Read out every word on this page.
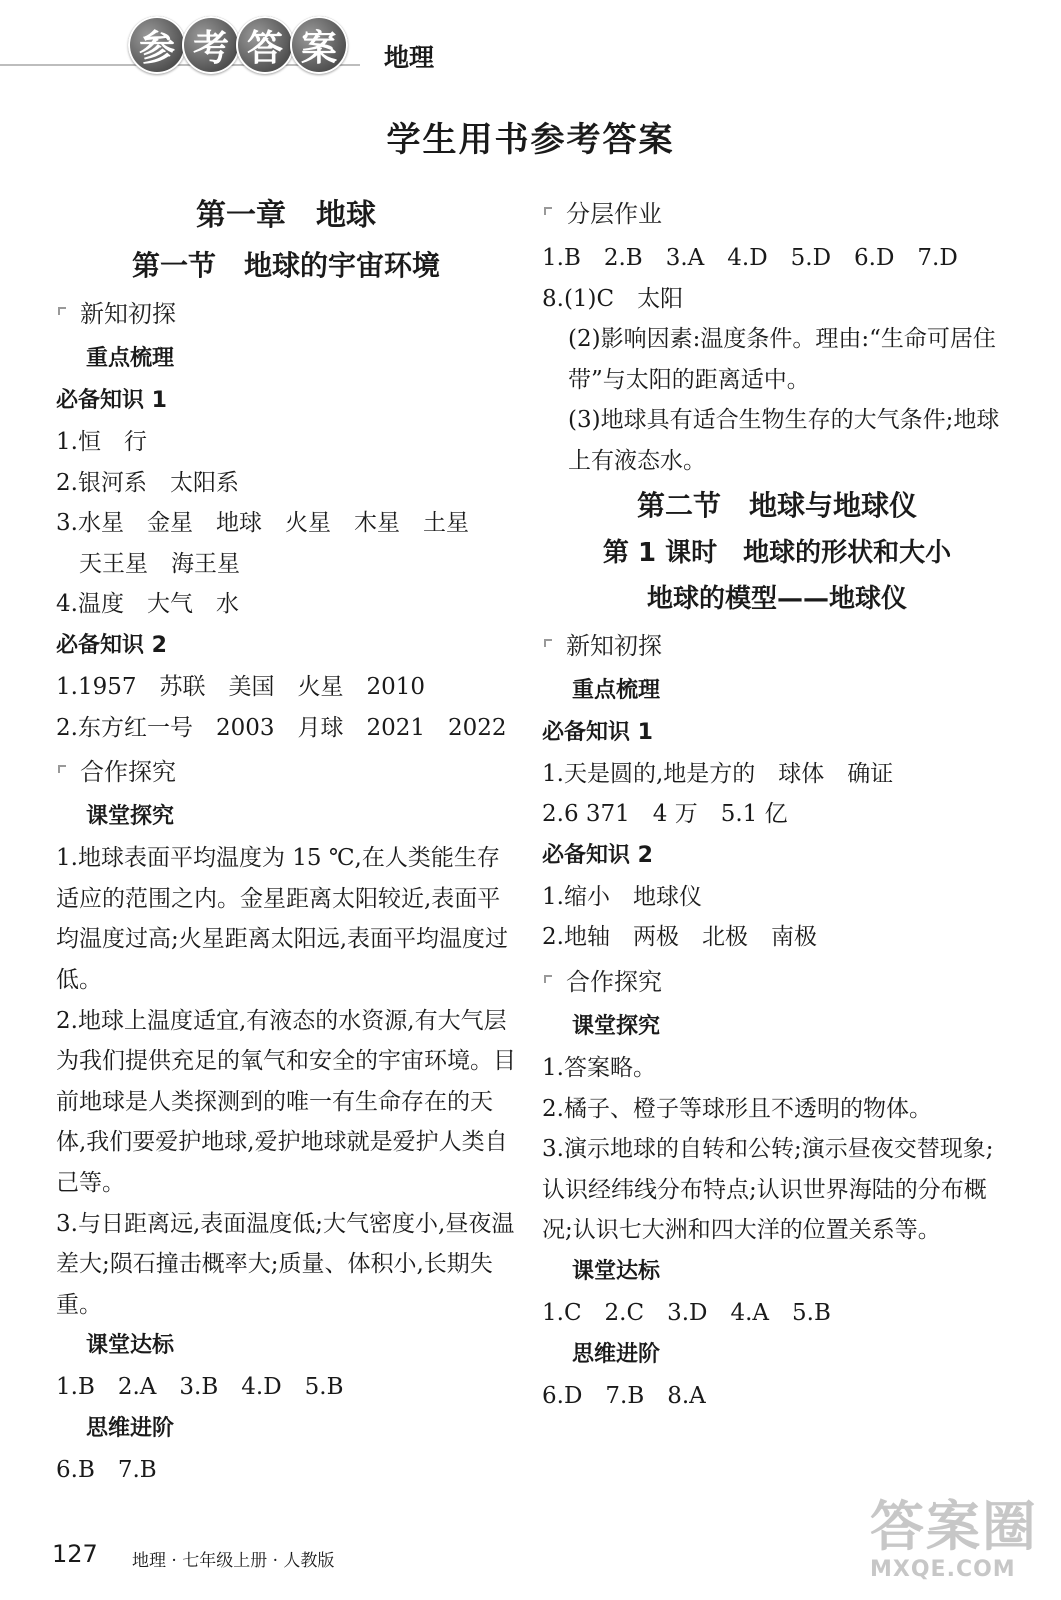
参 考 答 案	地理
学生用书参考答案
第一章　地球
第一节　地球的宇宙环境
新知初探
重点梳理
必备知识 1
1.恒　行
2.银河系　太阳系
3.水星　金星　地球　火星　木星　土星
　天王星　海王星
4.温度　大气　水
必备知识 2
1.1957　苏联　美国　火星　2010
2.东方红一号　2003　月球　2021　2022
合作探究
课堂探究
1.地球表面平均温度为 15 ℃,在人类能生存适应的范围之内。金星距离太阳较近,表面平均温度过高;火星距离太阳远,表面平均温度过低。
2.地球上温度适宜,有液态的水资源,有大气层为我们提供充足的氧气和安全的宇宙环境。目前地球是人类探测到的唯一有生命存在的天体,我们要爱护地球,爱护地球就是爱护人类自己等。
3.与日距离远,表面温度低;大气密度小,昼夜温差大;陨石撞击概率大;质量、体积小,长期失重。
课堂达标
1.B　2.A　3.B　4.D　5.B
思维进阶
6.B　7.B
分层作业
1.B　2.B　3.A　4.D　5.D　6.D　7.D
8.(1)C　太阳
(2)影响因素:温度条件。理由:“生命可居住带”与太阳的距离适中。
(3)地球具有适合生物生存的大气条件;地球上有液态水。
第二节　地球与地球仪
第 1 课时　地球的形状和大小
地球的模型——地球仪
新知初探
重点梳理
必备知识 1
1.天是圆的,地是方的　球体　确证
2.6 371　4 万　5.1 亿
必备知识 2
1.缩小　地球仪
2.地轴　两极　北极　南极
合作探究
课堂探究
1.答案略。
2.橘子、橙子等球形且不透明的物体。
3.演示地球的自转和公转;演示昼夜交替现象;认识经纬线分布特点;认识世界海陆的分布概况;认识七大洲和四大洋的位置关系等。
课堂达标
1.C　2.C　3.D　4.A　5.B
思维进阶
6.D　7.B　8.A
127 地理 · 七年级上册 · 人教版
答案圈
MXQE.COM
